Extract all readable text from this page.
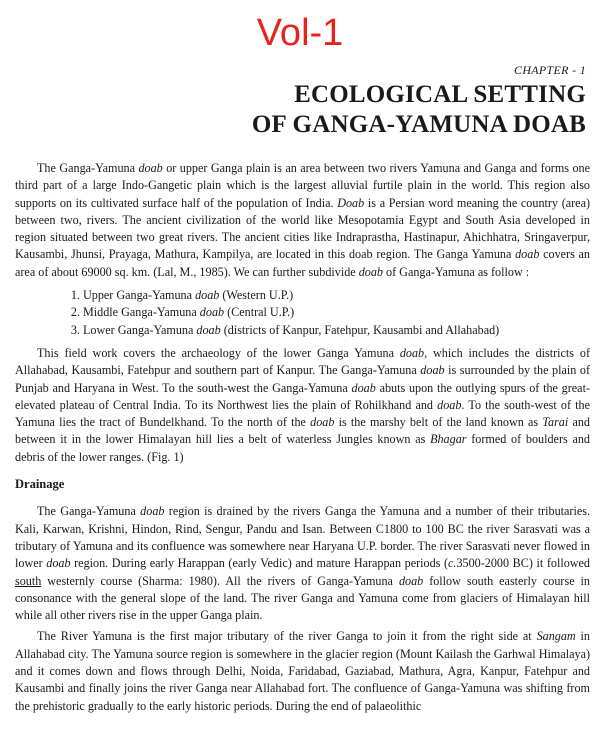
Vol-1
CHAPTER - 1
ECOLOGICAL SETTING
OF GANGA-YAMUNA DOAB

The Ganga-Yamuna doab or upper Ganga plain is an area between two rivers Yamuna and Ganga and forms one third part of a large Indo-Gangetic plain which is the largest alluvial furtile plain in the world. This region also supports on its cultivated surface half of the population of India. Doab is a Persian word meaning the country (area) between two, rivers. The ancient civilization of the world like Mesopotamia Egypt and South Asia developed in region situated between two great rivers. The ancient cities like Indraprastha, Hastinapur, Ahichhatra, Sringaverpur, Kausambi, Jhunsi, Prayaga, Mathura, Kampilya, are located in this doab region. The Ganga Yamuna doab covers an area of about 69000 sq. km. (Lal, M., 1985). We can further subdivide doab of Ganga-Yamuna as follow :

1. Upper Ganga-Yamuna doab (Western U.P.)
2. Middle Ganga-Yamuna doab (Central U.P.)
3. Lower Ganga-Yamuna doab (districts of Kanpur, Fatehpur, Kausambi and Allahabad)

This field work covers the archaeology of the lower Ganga Yamuna doab, which includes the districts of Allahabad, Kausambi, Fatehpur and southern part of Kanpur. The Ganga-Yamuna doab is surrounded by the plain of Punjab and Haryana in West. To the south-west the Ganga-Yamuna doab abuts upon the outlying spurs of the great-elevated plateau of Central India. To its Northwest lies the plain of Rohilkhand and doab. To the south-west of the Yamuna lies the tract of Bundelkhand. To the north of the doab is the marshy belt of the land known as Tarai and between it in the lower Himalayan hill lies a belt of waterless Jungles known as Bhagar formed of boulders and debris of the lower ranges. (Fig. 1)

Drainage

The Ganga-Yamuna doab region is drained by the rivers Ganga the Yamuna and a number of their tributaries. Kali, Karwan, Krishni, Hindon, Rind, Sengur, Pandu and Isan. Between C1800 to 100 BC the river Sarasvati was a tributary of Yamuna and its confluence was somewhere near Haryana U.P. border. The river Sarasvati never flowed in lower doab region. During early Harappan (early Vedic) and mature Harappan periods (c.3500-2000 BC) it followed south westernly course (Sharma: 1980). All the rivers of Ganga-Yamuna doab follow south easterly course in consonance with the general slope of the land. The river Ganga and Yamuna come from glaciers of Himalayan hill while all other rivers rise in the upper Ganga plain.

The River Yamuna is the first major tributary of the river Ganga to join it from the right side at Sangam in Allahabad city. The Yamuna source region is somewhere in the glacier region (Mount Kailash the Garhwal Himalaya) and it comes down and flows through Delhi, Noida, Faridabad, Gaziabad, Mathura, Agra, Kanpur, Fatehpur and Kausambi and finally joins the river Ganga near Allahabad fort. The confluence of Ganga-Yamuna was shifting from the prehistoric gradually to the early historic periods. During the end of palaeolithic
